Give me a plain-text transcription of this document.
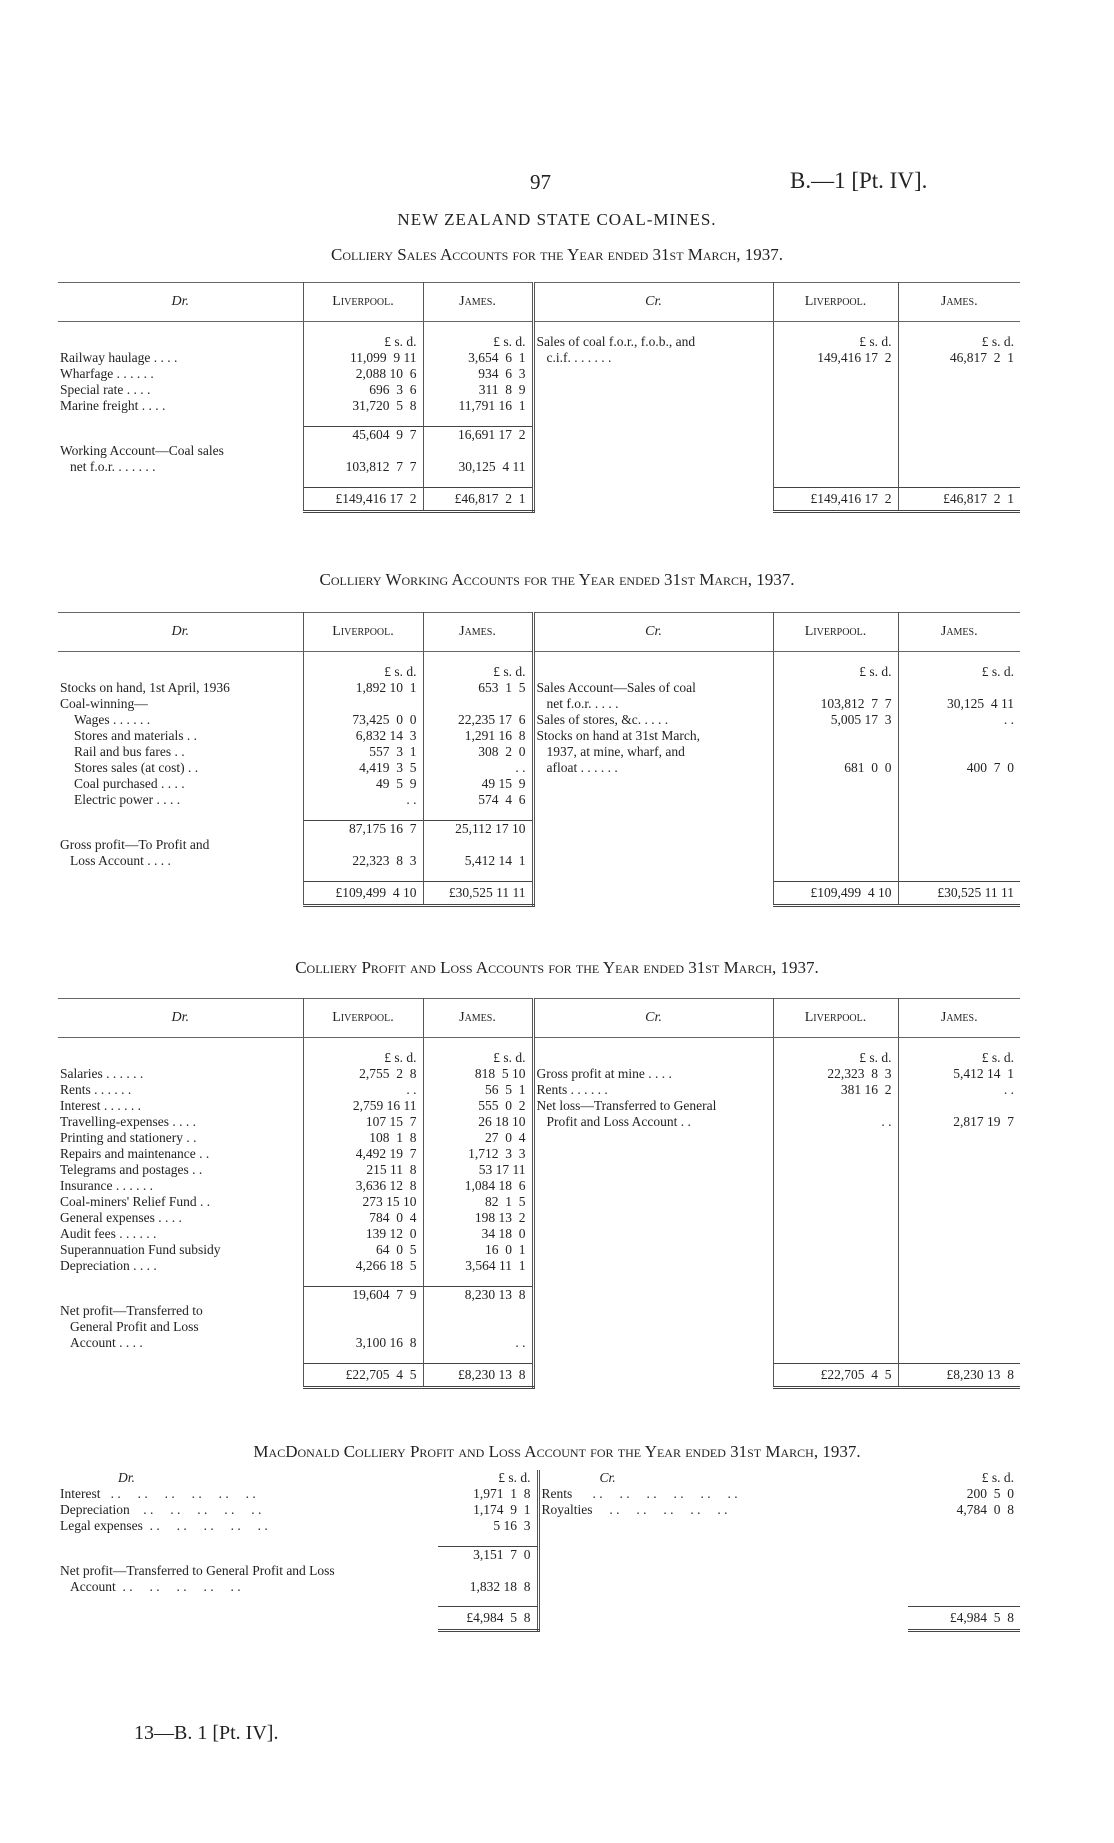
97	B.—1 [Pt. IV].
NEW ZEALAND STATE COAL-MINES.
Colliery Sales Accounts for the Year ended 31st March, 1937.
Dr.	Liverpool.	James.	Cr.	Liverpool.	James.

	£ s. d.	£ s. d.	Sales of coal f.o.r., f.o.b., and	£ s. d.	£ s. d.
Railway haulage . . . .	11,099  9 11	3,654  6  1	c.i.f. . . . . . .	149,416 17  2	46,817  2  1
Wharfage . . . . . .	2,088 10  6	934  6  3			
Special rate . . . .	696  3  6	311  8  9			
Marine freight . . . .	31,720  5  8	11,791 16  1			

	45,604  9  7	16,691 17  2			
Working Account—Coal sales					
net f.o.r. . . . . . .	103,812  7  7	30,125  4 11			

	£149,416 17  2	£46,817  2  1		£149,416 17  2	£46,817  2  1
Colliery Working Accounts for the Year ended 31st March, 1937.
Dr.	Liverpool.	James.	Cr.	Liverpool.	James.

	£ s. d.	£ s. d.		£ s. d.	£ s. d.
Stocks on hand, 1st April, 1936	1,892 10  1	653  1  5	Sales Account—Sales of coal		
Coal-winning—			net f.o.r. . . . .	103,812  7  7	30,125  4 11
Wages . . . . . .	73,425  0  0	22,235 17  6	Sales of stores, &c. . . . .	5,005 17  3	. .
Stores and materials . .	6,832 14  3	1,291 16  8	Stocks on hand at 31st March,		
Rail and bus fares . .	557  3  1	308  2  0	1937, at mine, wharf, and		
Stores sales (at cost) . .	4,419  3  5	. .	afloat . . . . . .	681  0  0	400  7  0
Coal purchased . . . .	49  5  9	49 15  9			
Electric power . . . .	. .	574  4  6			

	87,175 16  7	25,112 17 10			
Gross profit—To Profit and					
Loss Account . . . .	22,323  8  3	5,412 14  1			

	£109,499  4 10	£30,525 11 11		£109,499  4 10	£30,525 11 11
Colliery Profit and Loss Accounts for the Year ended 31st March, 1937.
Dr.	Liverpool.	James.	Cr.	Liverpool.	James.

	£ s. d.	£ s. d.		£ s. d.	£ s. d.
Salaries . . . . . .	2,755  2  8	818  5 10	Gross profit at mine . . . .	22,323  8  3	5,412 14  1
Rents . . . . . .	. .	56  5  1	Rents . . . . . .	381 16  2	. .
Interest . . . . . .	2,759 16 11	555  0  2	Net loss—Transferred to General		
Travelling-expenses . . . .	107 15  7	26 18 10	Profit and Loss Account . .	. .	2,817 19  7
Printing and stationery . .	108  1  8	27  0  4			
Repairs and maintenance . .	4,492 19  7	1,712  3  3			
Telegrams and postages . .	215 11  8	53 17 11			
Insurance . . . . . .	3,636 12  8	1,084 18  6			
Coal-miners' Relief Fund . .	273 15 10	82  1  5			
General expenses . . . .	784  0  4	198 13  2			
Audit fees . . . . . .	139 12  0	34 18  0			
Superannuation Fund subsidy	64  0  5	16  0  1			
Depreciation . . . .	4,266 18  5	3,564 11  1			

	19,604  7  9	8,230 13  8			
Net profit—Transferred to					
General Profit and Loss					
Account . . . .	3,100 16  8	. .			

	£22,705  4  5	£8,230 13  8		£22,705  4  5	£8,230 13  8
MacDonald Colliery Profit and Loss Account for the Year ended 31st March, 1937.
Dr.	£ s. d.	Cr.	£ s. d.
Interest   . .     . .     . .     . .     . .     . .	1,971  1  8	Rents      . .     . .     . .     . .     . .     . .	200  5  0
Depreciation    . .     . .     . .     . .     . .	1,174  9  1	Royalties     . .     . .     . .     . .     . .	4,784  0  8
Legal expenses  . .     . .     . .     . .     . .	5 16  3		

	3,151  7  0		
Net profit—Transferred to General Profit and Loss			
Account  . .     . .     . .     . .     . .	1,832 18  8		

	£4,984  5  8		£4,984  5  8
13—B. 1 [Pt. IV].
